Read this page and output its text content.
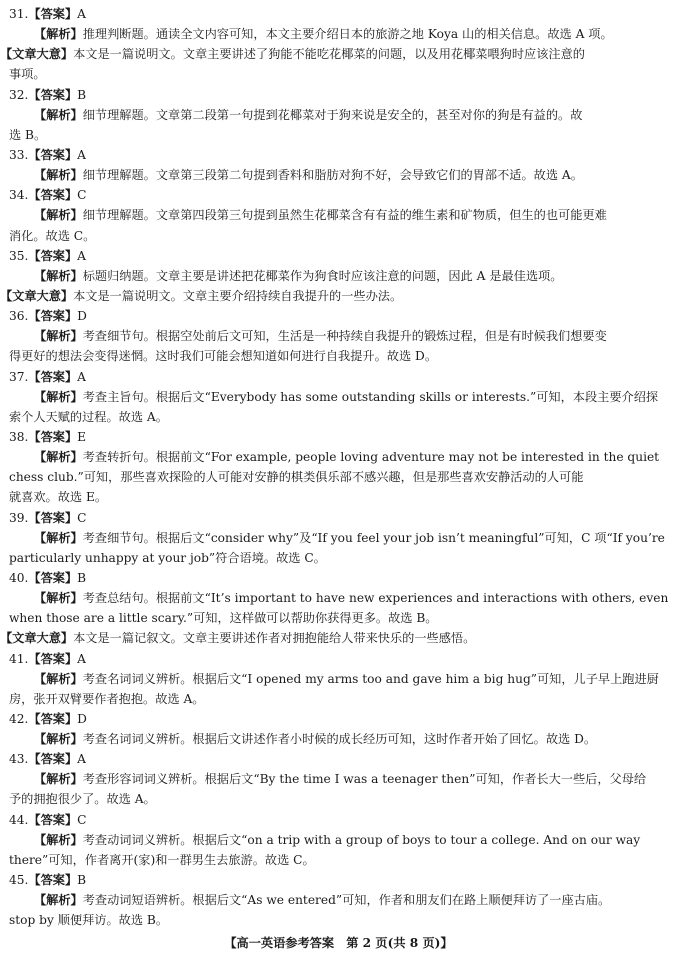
31.【答案】A
【解析】推理判断题。通读全文内容可知，本文主要介绍日本的旅游之地 Koya 山的相关信息。故选 A 项。
【文章大意】本文是一篇说明文。文章主要讲述了狗能不能吃花椰菜的问题，以及用花椰菜喂狗时应该注意的
事项。
32.【答案】B
【解析】细节理解题。文章第二段第一句提到花椰菜对于狗来说是安全的，甚至对你的狗是有益的。故
选 B。
33.【答案】A
【解析】细节理解题。文章第三段第二句提到香料和脂肪对狗不好，会导致它们的胃部不适。故选 A。
34.【答案】C
【解析】细节理解题。文章第四段第三句提到虽然生花椰菜含有有益的维生素和矿物质，但生的也可能更难
消化。故选 C。
35.【答案】A
【解析】标题归纳题。文章主要是讲述把花椰菜作为狗食时应该注意的问题，因此 A 是最佳选项。
【文章大意】本文是一篇说明文。文章主要介绍持续自我提升的一些办法。
36.【答案】D
【解析】考查细节句。根据空处前后文可知，生活是一种持续自我提升的锻炼过程，但是有时候我们想要变
得更好的想法会变得迷惘。这时我们可能会想知道如何进行自我提升。故选 D。
37.【答案】A
【解析】考查主旨句。根据后文“Everybody has some outstanding skills or interests.”可知，本段主要介绍探
索个人天赋的过程。故选 A。
38.【答案】E
【解析】考查转折句。根据前文“For example, people loving adventure may not be interested in the quiet
chess club.”可知，那些喜欢探险的人可能对安静的棋类俱乐部不感兴趣，但是那些喜欢安静活动的人可能
就喜欢。故选 E。
39.【答案】C
【解析】考查细节句。根据后文“consider why”及“If you feel your job isn’t meaningful”可知，C 项“If you’re
particularly unhappy at your job”符合语境。故选 C。
40.【答案】B
【解析】考查总结句。根据前文“It’s important to have new experiences and interactions with others, even
when those are a little scary.”可知，这样做可以帮助你获得更多。故选 B。
【文章大意】本文是一篇记叙文。文章主要讲述作者对拥抱能给人带来快乐的一些感悟。
41.【答案】A
【解析】考查名词词义辨析。根据后文“I opened my arms too and gave him a big hug”可知，儿子早上跑进厨
房，张开双臂要作者抱抱。故选 A。
42.【答案】D
【解析】考查名词词义辨析。根据后文讲述作者小时候的成长经历可知，这时作者开始了回忆。故选 D。
43.【答案】A
【解析】考查形容词词义辨析。根据后文“By the time I was a teenager then”可知，作者长大一些后，父母给
予的拥抱很少了。故选 A。
44.【答案】C
【解析】考查动词词义辨析。根据后文“on a trip with a group of boys to tour a college. And on our way
there”可知，作者离开(家)和一群男生去旅游。故选 C。
45.【答案】B
【解析】考查动词短语辨析。根据后文“As we entered”可知，作者和朋友们在路上顺便拜访了一座古庙。
stop by 顺便拜访。故选 B。
【高一英语参考答案　第 2 页(共 8 页)】
